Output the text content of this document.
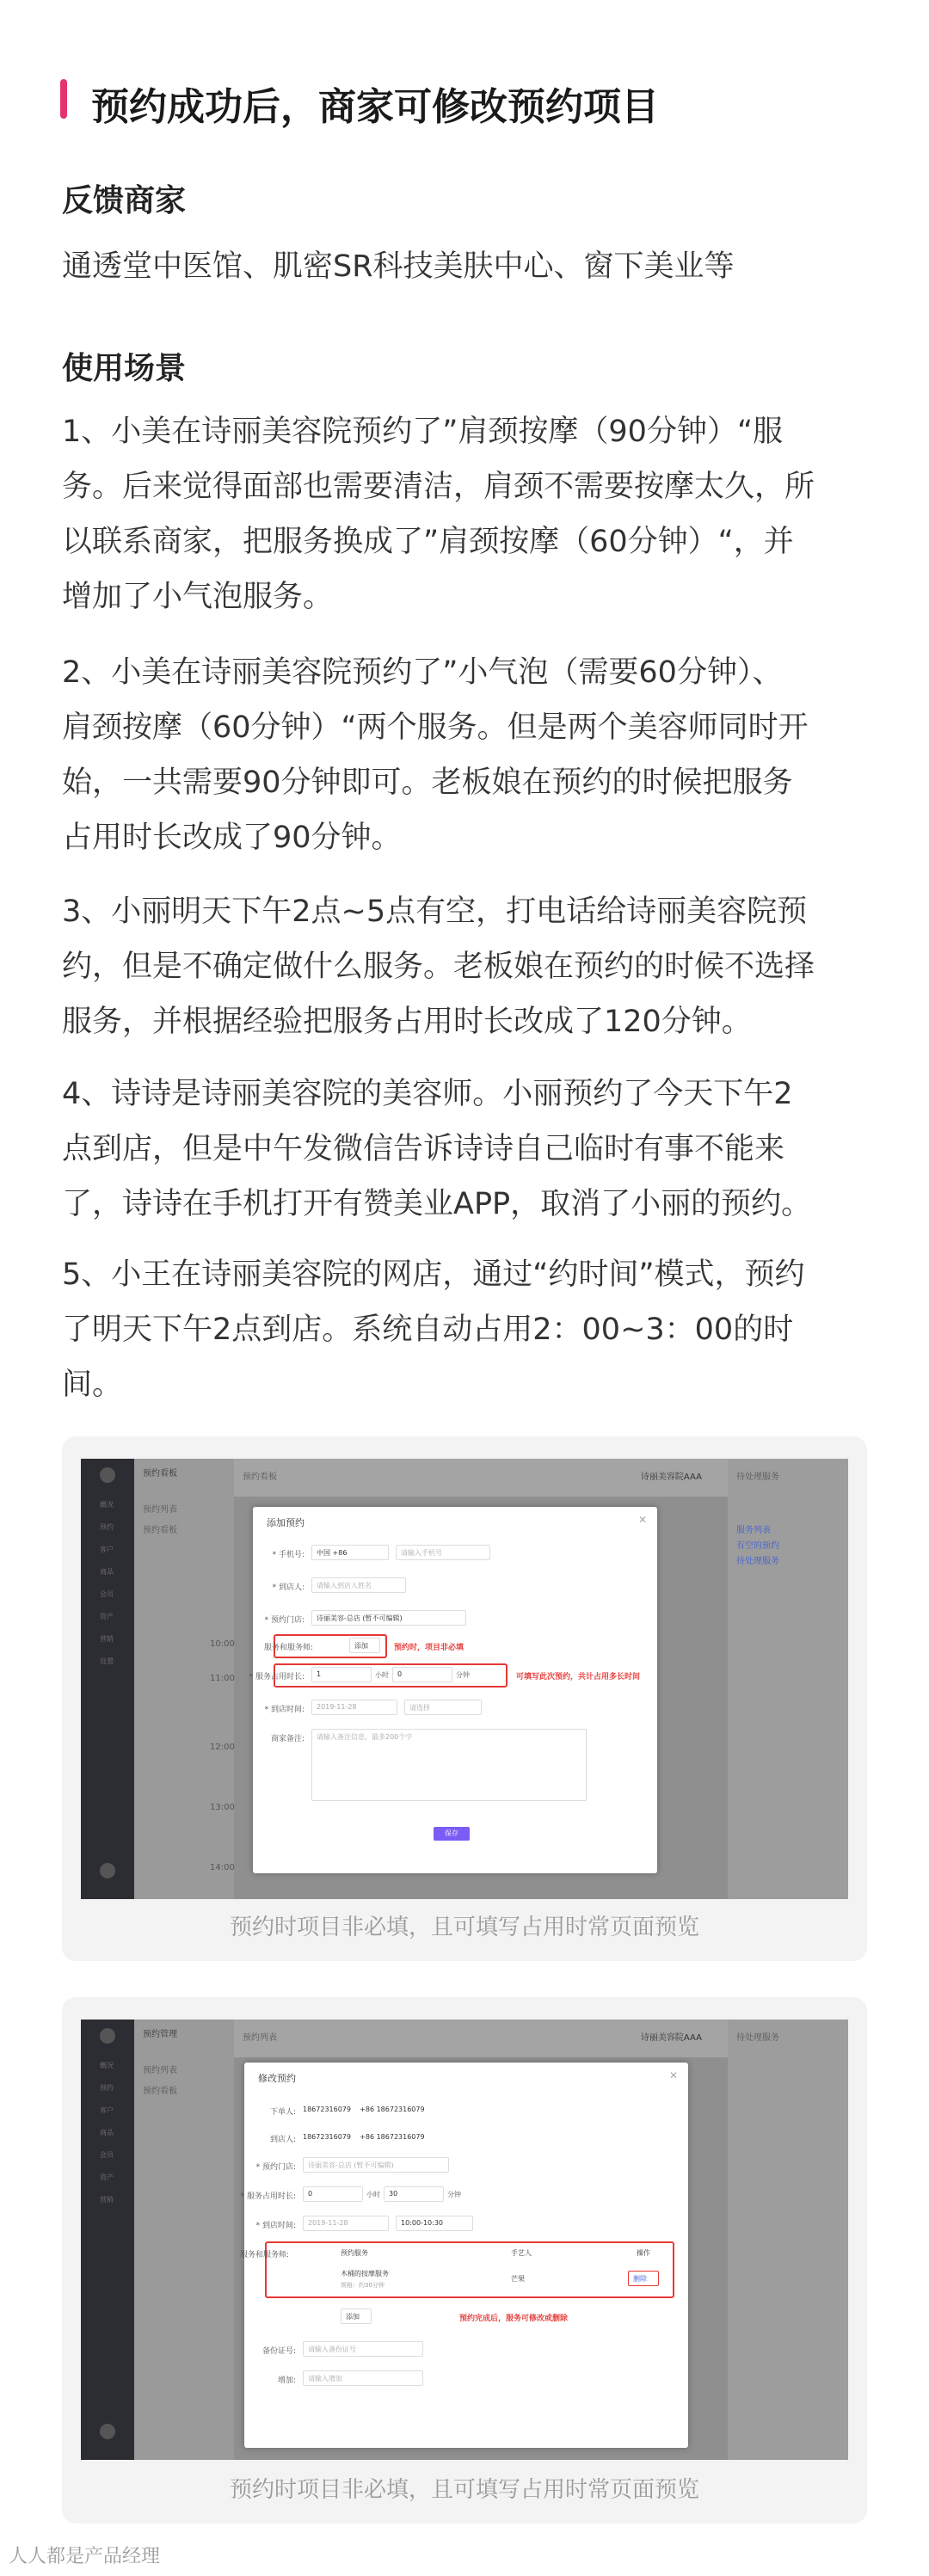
预约成功后，商家可修改预约项目
反馈商家
通透堂中医馆、肌密SR科技美肤中心、窗下美业等
使用场景
1、小美在诗丽美容院预约了”肩颈按摩（90分钟）“服
务。后来觉得面部也需要清洁，肩颈不需要按摩太久，所
以联系商家，把服务换成了”肩颈按摩（60分钟）“，并
增加了小气泡服务。
2、小美在诗丽美容院预约了”小气泡（需要60分钟）、
肩颈按摩（60分钟）“两个服务。但是两个美容师同时开
始，一共需要90分钟即可。老板娘在预约的时候把服务
占用时长改成了90分钟。
3、小丽明天下午2点~5点有空，打电话给诗丽美容院预
约，但是不确定做什么服务。老板娘在预约的时候不选择
服务，并根据经验把服务占用时长改成了120分钟。
4、诗诗是诗丽美容院的美容师。小丽预约了今天下午2
点到店，但是中午发微信告诉诗诗自己临时有事不能来
了，诗诗在手机打开有赞美业APP，取消了小丽的预约。
5、小王在诗丽美容院的网店，通过“约时间”模式，预约
了明天下午2点到店。系统自动占用2：00~3：00的时
间。
概况
预约
客户
商品
会员
资产
营销
设置
预约看板
预约列表
预约看板
预约看板	诗丽美容院AAA
10:00
11:00
12:00
13:00
14:00
待处理服务
服务列表
有空的预约
待处理服务
添加预约	✕
* 手机号:	中国 +86	请输入手机号
* 到店人:	请输入到店人姓名
* 预约门店:	诗丽美容-总店 (暂不可编辑)
服务和服务师:	添加	预约时，项目非必填
* 服务占用时长:	1	小时	0	分钟	可填写此次预约，共计占用多长时间
* 到店时间:	2019-11-28	请选择
商家备注:	请输入备注信息，最多200个字
保存
预约时项目非必填，且可填写占用时常页面预览
概况
预约
客户
商品
会员
资产
营销
预约管理
预约列表
预约看板
预约列表	诗丽美容院AAA	待处理服务
修改预约	✕
下单人: 18672316079    +86 18672316079
到店人: 18672316079    +86 18672316079
* 预约门店:	诗丽美容-总店 (暂不可编辑)
* 服务占用时长:	0	小时	30	分钟
* 到店时间:	2019-11-28	10:00-10:30
服务和服务师:	预约服务	手艺人	操作
木桶的按摩服务
规格：约30分钟
芒果	删除
添加	预约完成后，服务可修改或删除
备份证号:	请输入备份证号
增加:	请输入增加
预约时项目非必填，且可填写占用时常页面预览
人人都是产品经理
